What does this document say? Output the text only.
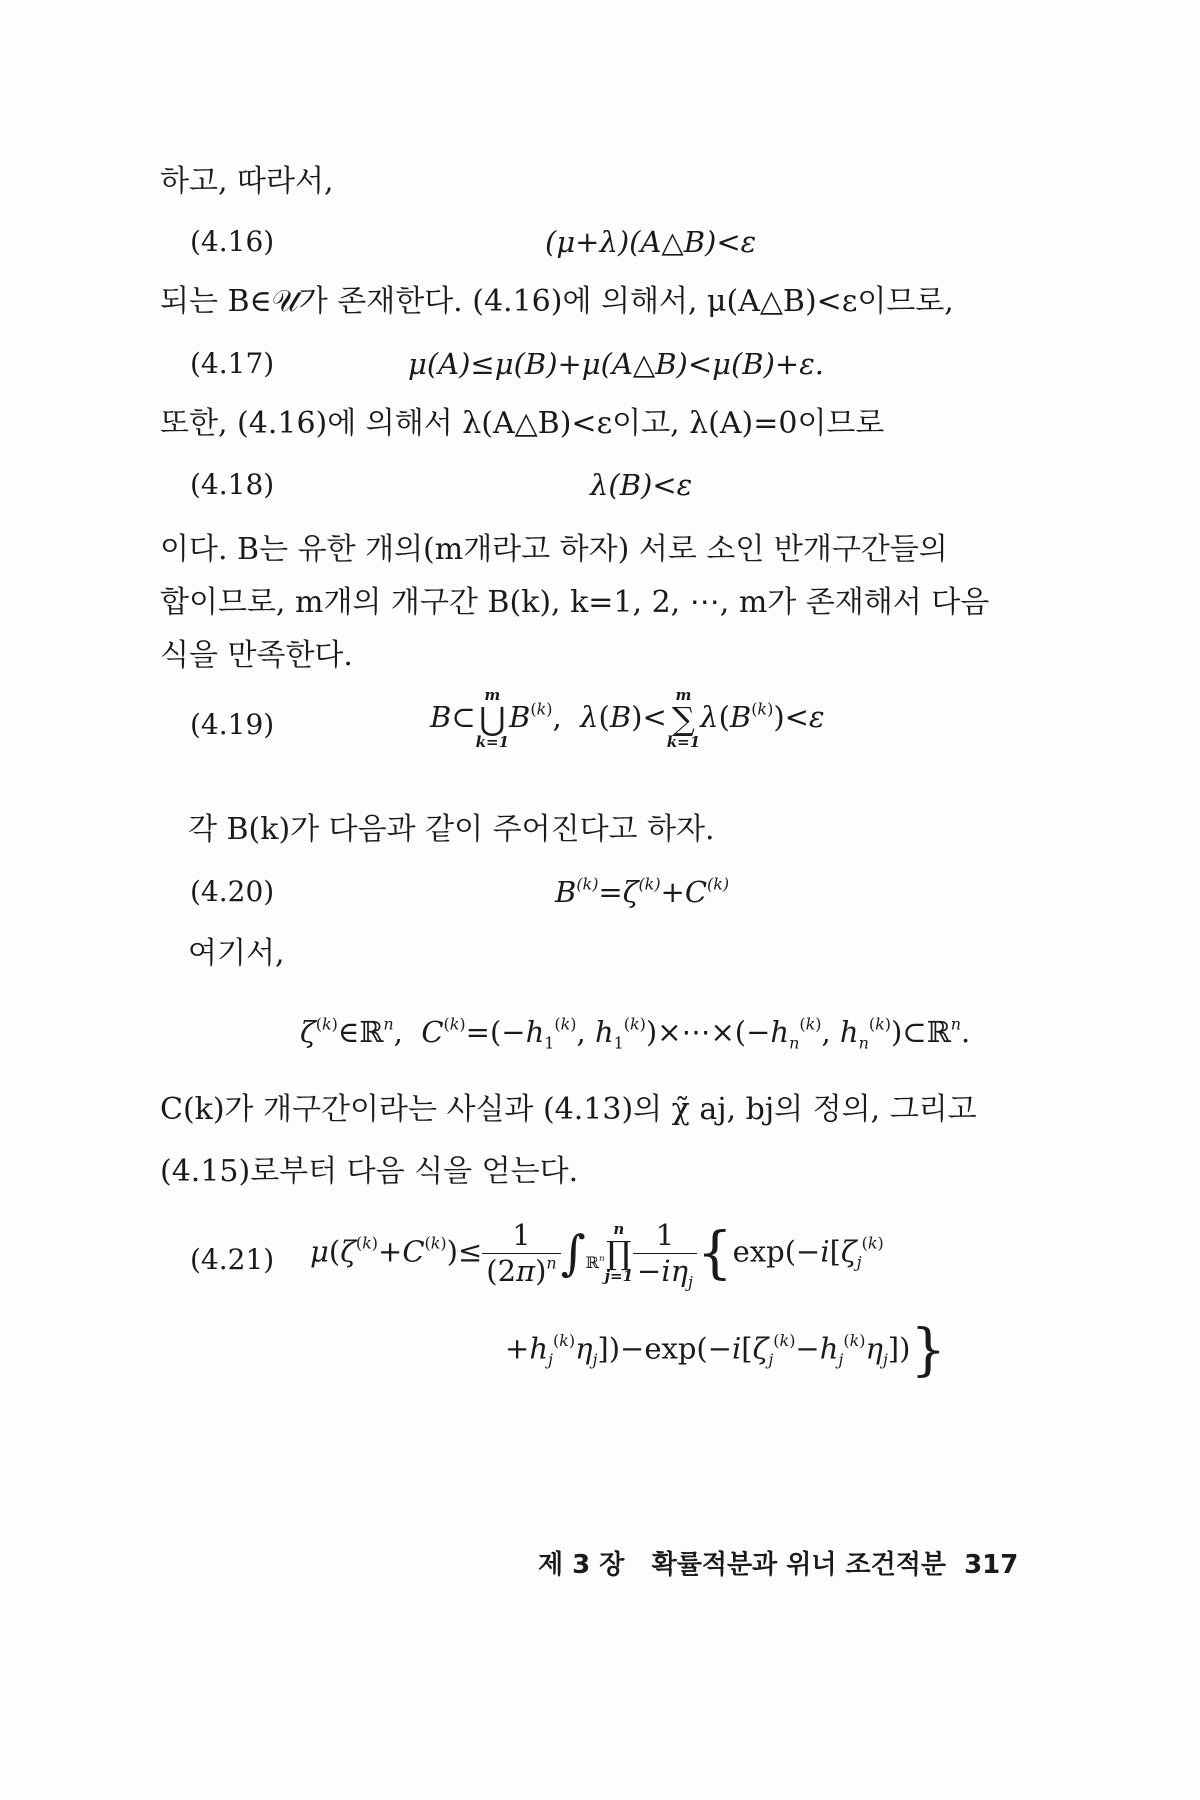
하고, 따라서,
(4.16)	(μ+λ)(A△B)<ε
되는 B∈𝒰가 존재한다. (4.16)에 의해서, μ(A△B)<ε이므로,
(4.17)	μ(A)≤μ(B)+μ(A△B)<μ(B)+ε.
또한, (4.16)에 의해서 λ(A△B)<ε이고, λ(A)=0이므로
(4.18)	λ(B)<ε
이다. B는 유한 개의(m개라고 하자) 서로 소인 반개구간들의
합이므로, m개의 개구간 B(k), k=1, 2, ⋯, m가 존재해서 다음
식을 만족한다.
(4.19)	B⊂
m
⋃
k=1
$B^{(k)}$,  λ(B)<
m
∑
k=1
$\lambda(B^{(k)})<\varepsilon$
각 B(k)가 다음과 같이 주어진다고 하자.
(4.20)	$B^{(k)}=\zeta^{(k)}+C^{(k)}$
여기서,
$\zeta^{(k)}\in ℝ^n$,  $C^{(k)}=(-h_1^{(k)}$, $h_1^{(k)})\times\cdots\times(-h_n^{(k)}$, $h_n^{(k)})\subset ℝ^n$.
C(k)가 개구간이라는 사실과 (4.13)의 χ̃ aj, bj의 정의, 그리고
(4.15)로부터 다음 식을 얻는다.
(4.21) $\mu(\zeta^{(k)}+C^{(k)})\le \frac{1}{(2\pi)^n} \int_{ℝ^n}$
n
∏
$j=1 \frac{1}{-i\eta_j} \{\exp(-i[\zeta_j^{(k)}$
$+h_j^{(k)}\eta_j])-\exp(-i[\zeta_j^{(k)}-h_j^{(k)}\eta_j])$}
제 3 장 확률적분과 위너 조건적분 317
